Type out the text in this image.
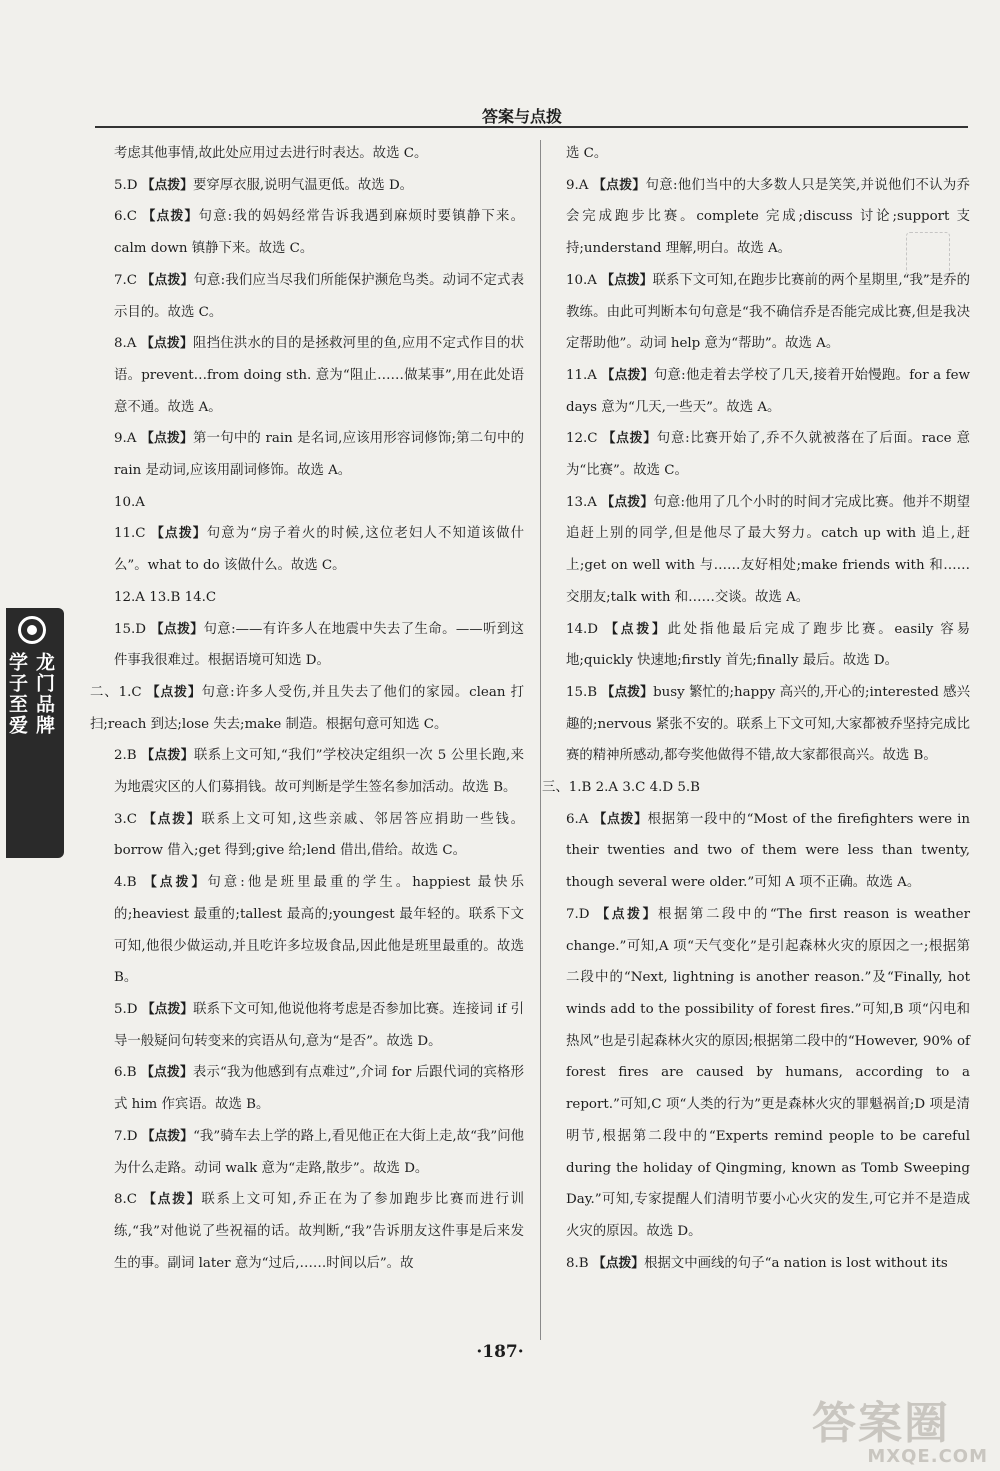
答案与点拨
龙门品牌
学子至爱
考虑其他事情,故此处应用过去进行时表达。故选 C。
5.D 【点拨】要穿厚衣服,说明气温更低。故选 D。
6.C 【点拨】句意:我的妈妈经常告诉我遇到麻烦时要镇静下来。calm down 镇静下来。故选 C。
7.C 【点拨】句意:我们应当尽我们所能保护濒危鸟类。动词不定式表示目的。故选 C。
8.A 【点拨】阻挡住洪水的目的是拯救河里的鱼,应用不定式作目的状语。prevent…from doing sth. 意为“阻止……做某事”,用在此处语意不通。故选 A。
9.A 【点拨】第一句中的 rain 是名词,应该用形容词修饰;第二句中的 rain 是动词,应该用副词修饰。故选 A。
10.A
11.C 【点拨】句意为“房子着火的时候,这位老妇人不知道该做什么”。what to do 该做什么。故选 C。
12.A 13.B 14.C
15.D 【点拨】句意:——有许多人在地震中失去了生命。——听到这件事我很难过。根据语境可知选 D。
二、1.C 【点拨】句意:许多人受伤,并且失去了他们的家园。clean 打扫;reach 到达;lose 失去;make 制造。根据句意可知选 C。
2.B 【点拨】联系上文可知,“我们”学校决定组织一次 5 公里长跑,来为地震灾区的人们募捐钱。故可判断是学生签名参加活动。故选 B。
3.C 【点拨】联系上文可知,这些亲戚、邻居答应捐助一些钱。borrow 借入;get 得到;give 给;lend 借出,借给。故选 C。
4.B 【点拨】句意:他是班里最重的学生。happiest 最快乐的;heaviest 最重的;tallest 最高的;youngest 最年轻的。联系下文可知,他很少做运动,并且吃许多垃圾食品,因此他是班里最重的。故选 B。
5.D 【点拨】联系下文可知,他说他将考虑是否参加比赛。连接词 if 引导一般疑问句转变来的宾语从句,意为“是否”。故选 D。
6.B 【点拨】表示“我为他感到有点难过”,介词 for 后跟代词的宾格形式 him 作宾语。故选 B。
7.D 【点拨】“我”骑车去上学的路上,看见他正在大街上走,故“我”问他为什么走路。动词 walk 意为“走路,散步”。故选 D。
8.C 【点拨】联系上文可知,乔正在为了参加跑步比赛而进行训练,“我”对他说了些祝福的话。故判断,“我”告诉朋友这件事是后来发生的事。副词 later 意为“过后,……时间以后”。故
选 C。
9.A 【点拨】句意:他们当中的大多数人只是笑笑,并说他们不认为乔会完成跑步比赛。complete 完成;discuss 讨论;support 支持;understand 理解,明白。故选 A。
10.A 【点拨】联系下文可知,在跑步比赛前的两个星期里,“我”是乔的教练。由此可判断本句句意是“我不确信乔是否能完成比赛,但是我决定帮助他”。动词 help 意为“帮助”。故选 A。
11.A 【点拨】句意:他走着去学校了几天,接着开始慢跑。for a few days 意为“几天,一些天”。故选 A。
12.C 【点拨】句意:比赛开始了,乔不久就被落在了后面。race 意为“比赛”。故选 C。
13.A 【点拨】句意:他用了几个小时的时间才完成比赛。他并不期望追赶上别的同学,但是他尽了最大努力。catch up with 追上,赶上;get on well with 与……友好相处;make friends with 和……交朋友;talk with 和……交谈。故选 A。
14.D 【点拨】此处指他最后完成了跑步比赛。easily 容易地;quickly 快速地;firstly 首先;finally 最后。故选 D。
15.B 【点拨】busy 繁忙的;happy 高兴的,开心的;interested 感兴趣的;nervous 紧张不安的。联系上下文可知,大家都被乔坚持完成比赛的精神所感动,都夸奖他做得不错,故大家都很高兴。故选 B。
三、1.B 2.A 3.C 4.D 5.B
6.A 【点拨】根据第一段中的“Most of the firefighters were in their twenties and two of them were less than twenty, though several were older.”可知 A 项不正确。故选 A。
7.D 【点拨】根据第二段中的“The first reason is weather change.”可知,A 项“天气变化”是引起森林火灾的原因之一;根据第二段中的“Next, lightning is another reason.”及“Finally, hot winds add to the possibility of forest fires.”可知,B 项“闪电和热风”也是引起森林火灾的原因;根据第二段中的“However, 90% of forest fires are caused by humans, according to a report.”可知,C 项“人类的行为”更是森林火灾的罪魁祸首;D 项是清明节,根据第二段中的“Experts remind people to be careful during the holiday of Qingming, known as Tomb Sweeping Day.”可知,专家提醒人们清明节要小心火灾的发生,可它并不是造成火灾的原因。故选 D。
8.B 【点拨】根据文中画线的句子“a nation is lost without its
·187·
答案圈
MXQE.COM
